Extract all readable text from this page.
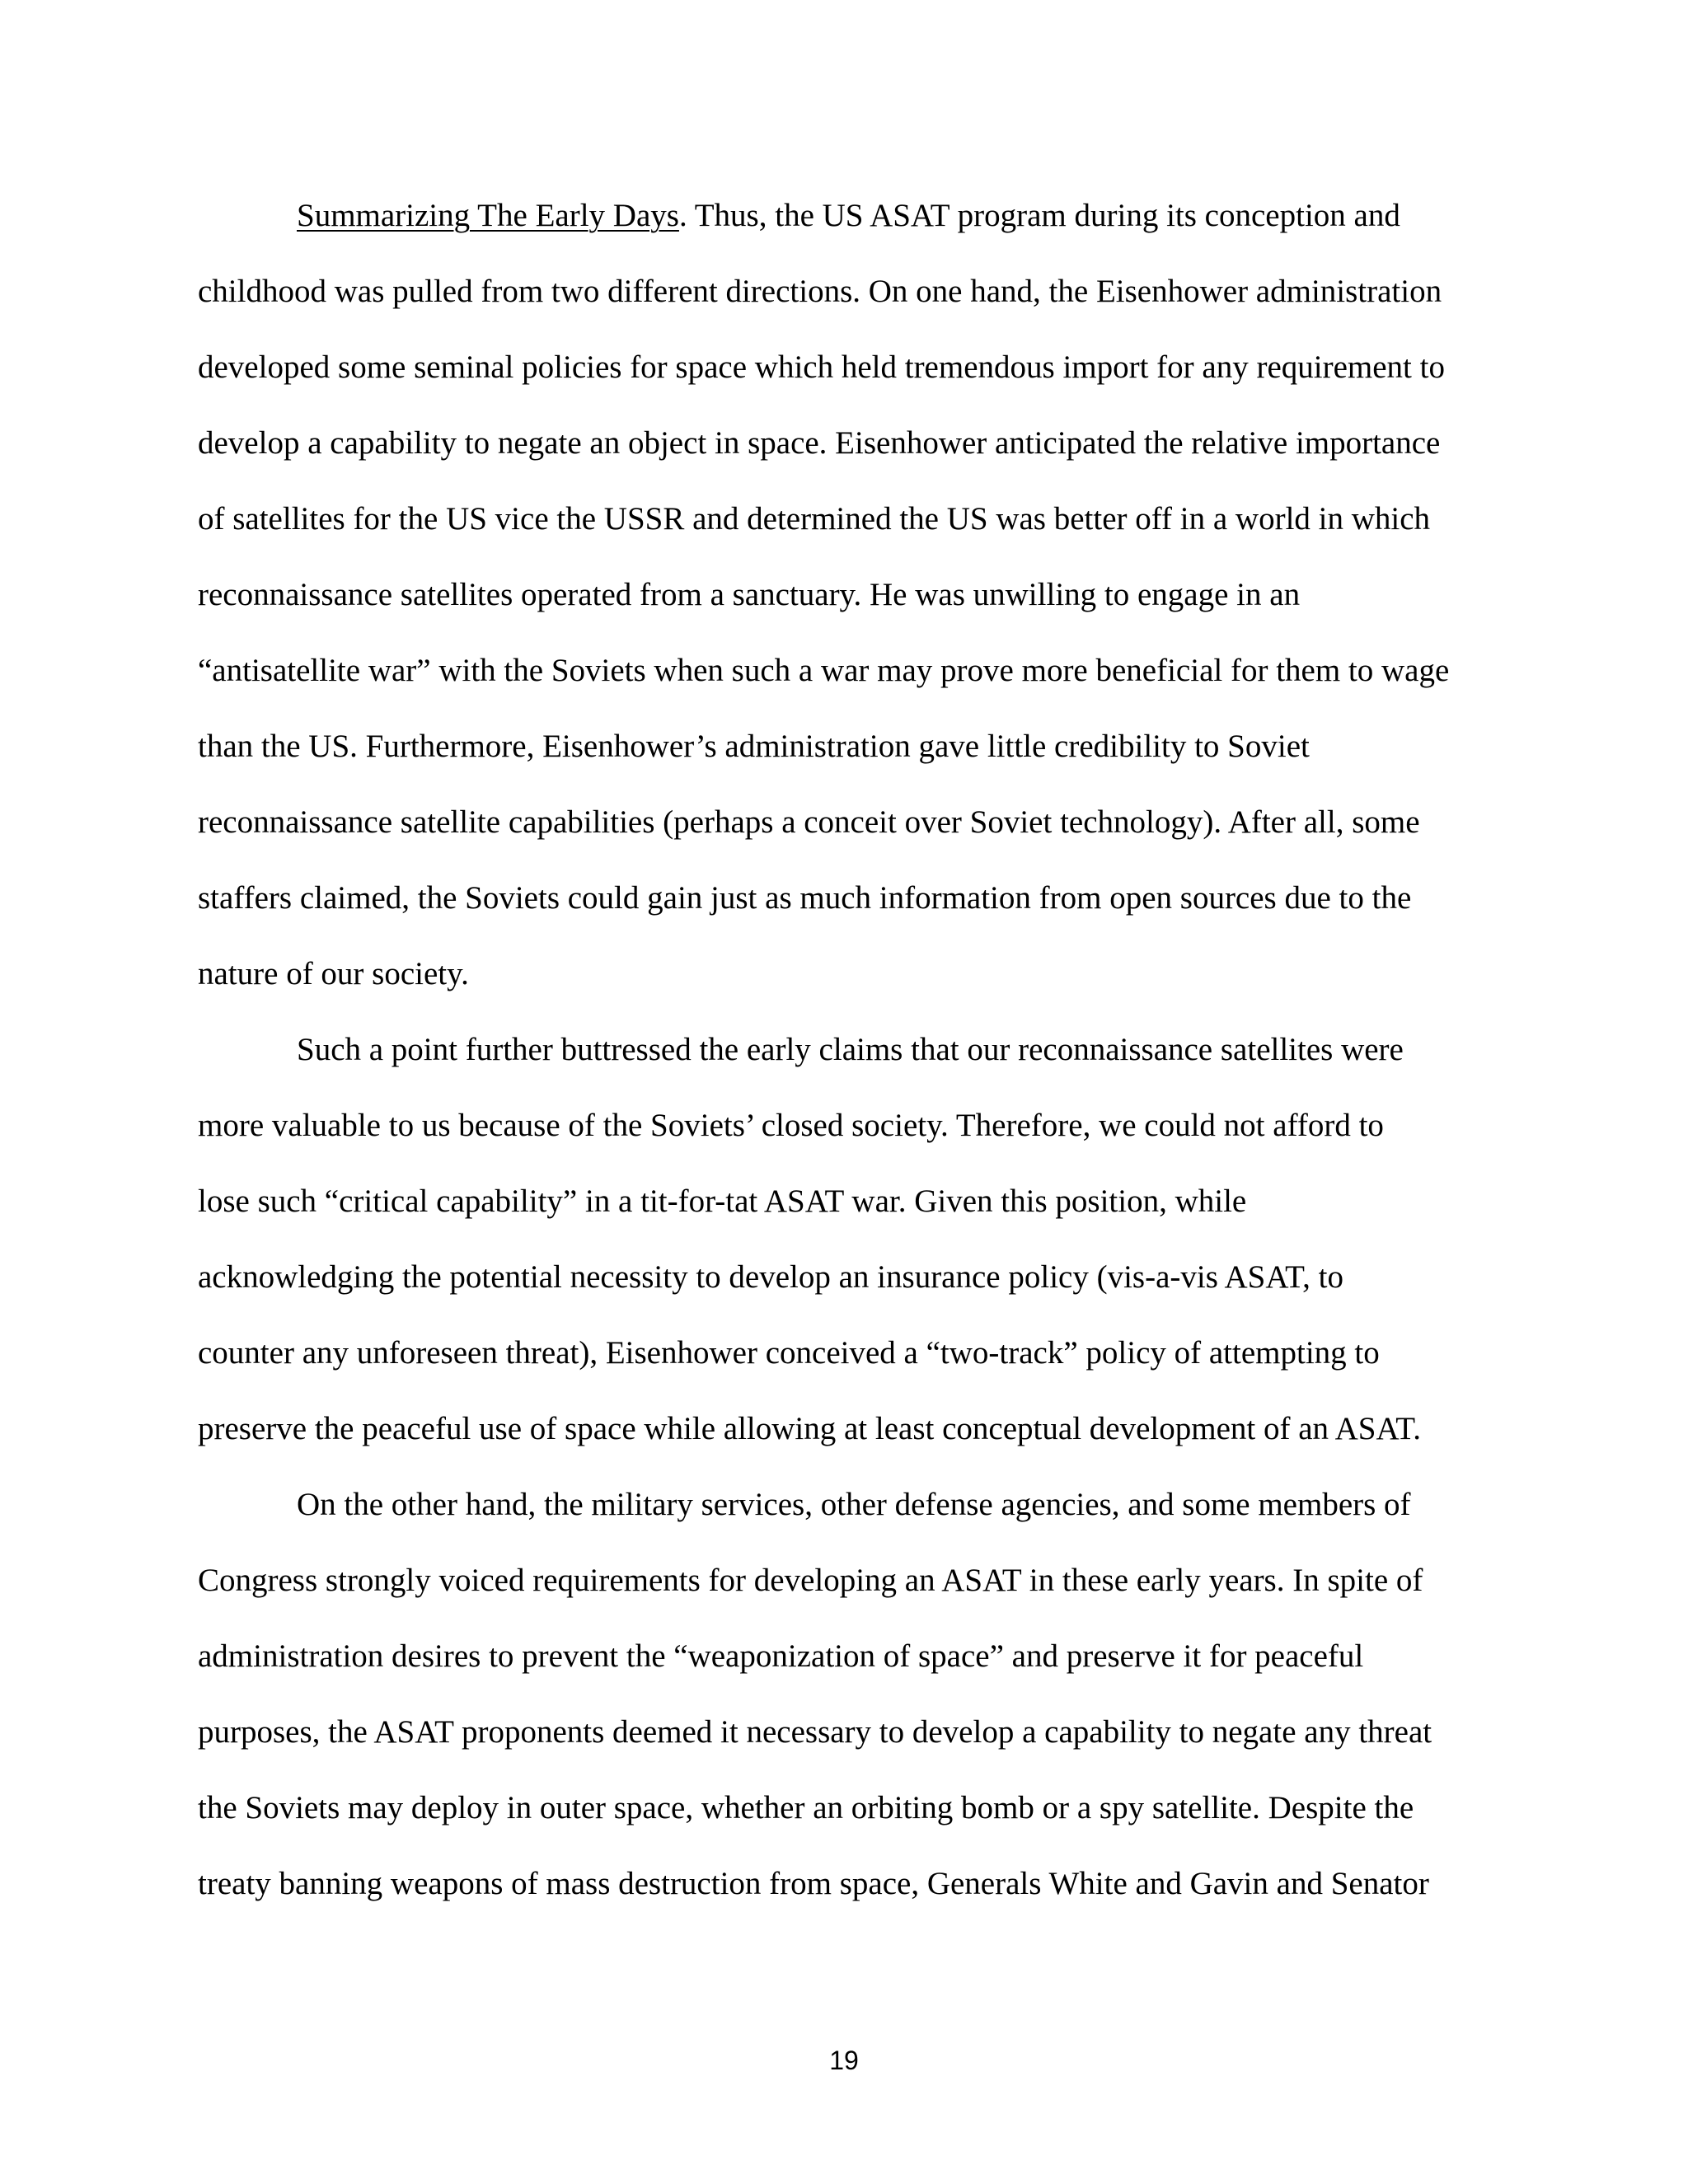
Summarizing The Early Days. Thus, the US ASAT program during its conception and
childhood was pulled from two different directions. On one hand, the Eisenhower administration
developed some seminal policies for space which held tremendous import for any requirement to
develop a capability to negate an object in space. Eisenhower anticipated the relative importance
of satellites for the US vice the USSR and determined the US was better off in a world in which
reconnaissance satellites operated from a sanctuary. He was unwilling to engage in an
“antisatellite war” with the Soviets when such a war may prove more beneficial for them to wage
than the US. Furthermore, Eisenhower’s administration gave little credibility to Soviet
reconnaissance satellite capabilities (perhaps a conceit over Soviet technology). After all, some
staffers claimed, the Soviets could gain just as much information from open sources due to the
nature of our society.
Such a point further buttressed the early claims that our reconnaissance satellites were
more valuable to us because of the Soviets’ closed society. Therefore, we could not afford to
lose such “critical capability” in a tit-for-tat ASAT war. Given this position, while
acknowledging the potential necessity to develop an insurance policy (vis-a-vis ASAT, to
counter any unforeseen threat), Eisenhower conceived a “two-track” policy of attempting to
preserve the peaceful use of space while allowing at least conceptual development of an ASAT.
On the other hand, the military services, other defense agencies, and some members of
Congress strongly voiced requirements for developing an ASAT in these early years. In spite of
administration desires to prevent the “weaponization of space” and preserve it for peaceful
purposes, the ASAT proponents deemed it necessary to develop a capability to negate any threat
the Soviets may deploy in outer space, whether an orbiting bomb or a spy satellite. Despite the
treaty banning weapons of mass destruction from space, Generals White and Gavin and Senator
19
